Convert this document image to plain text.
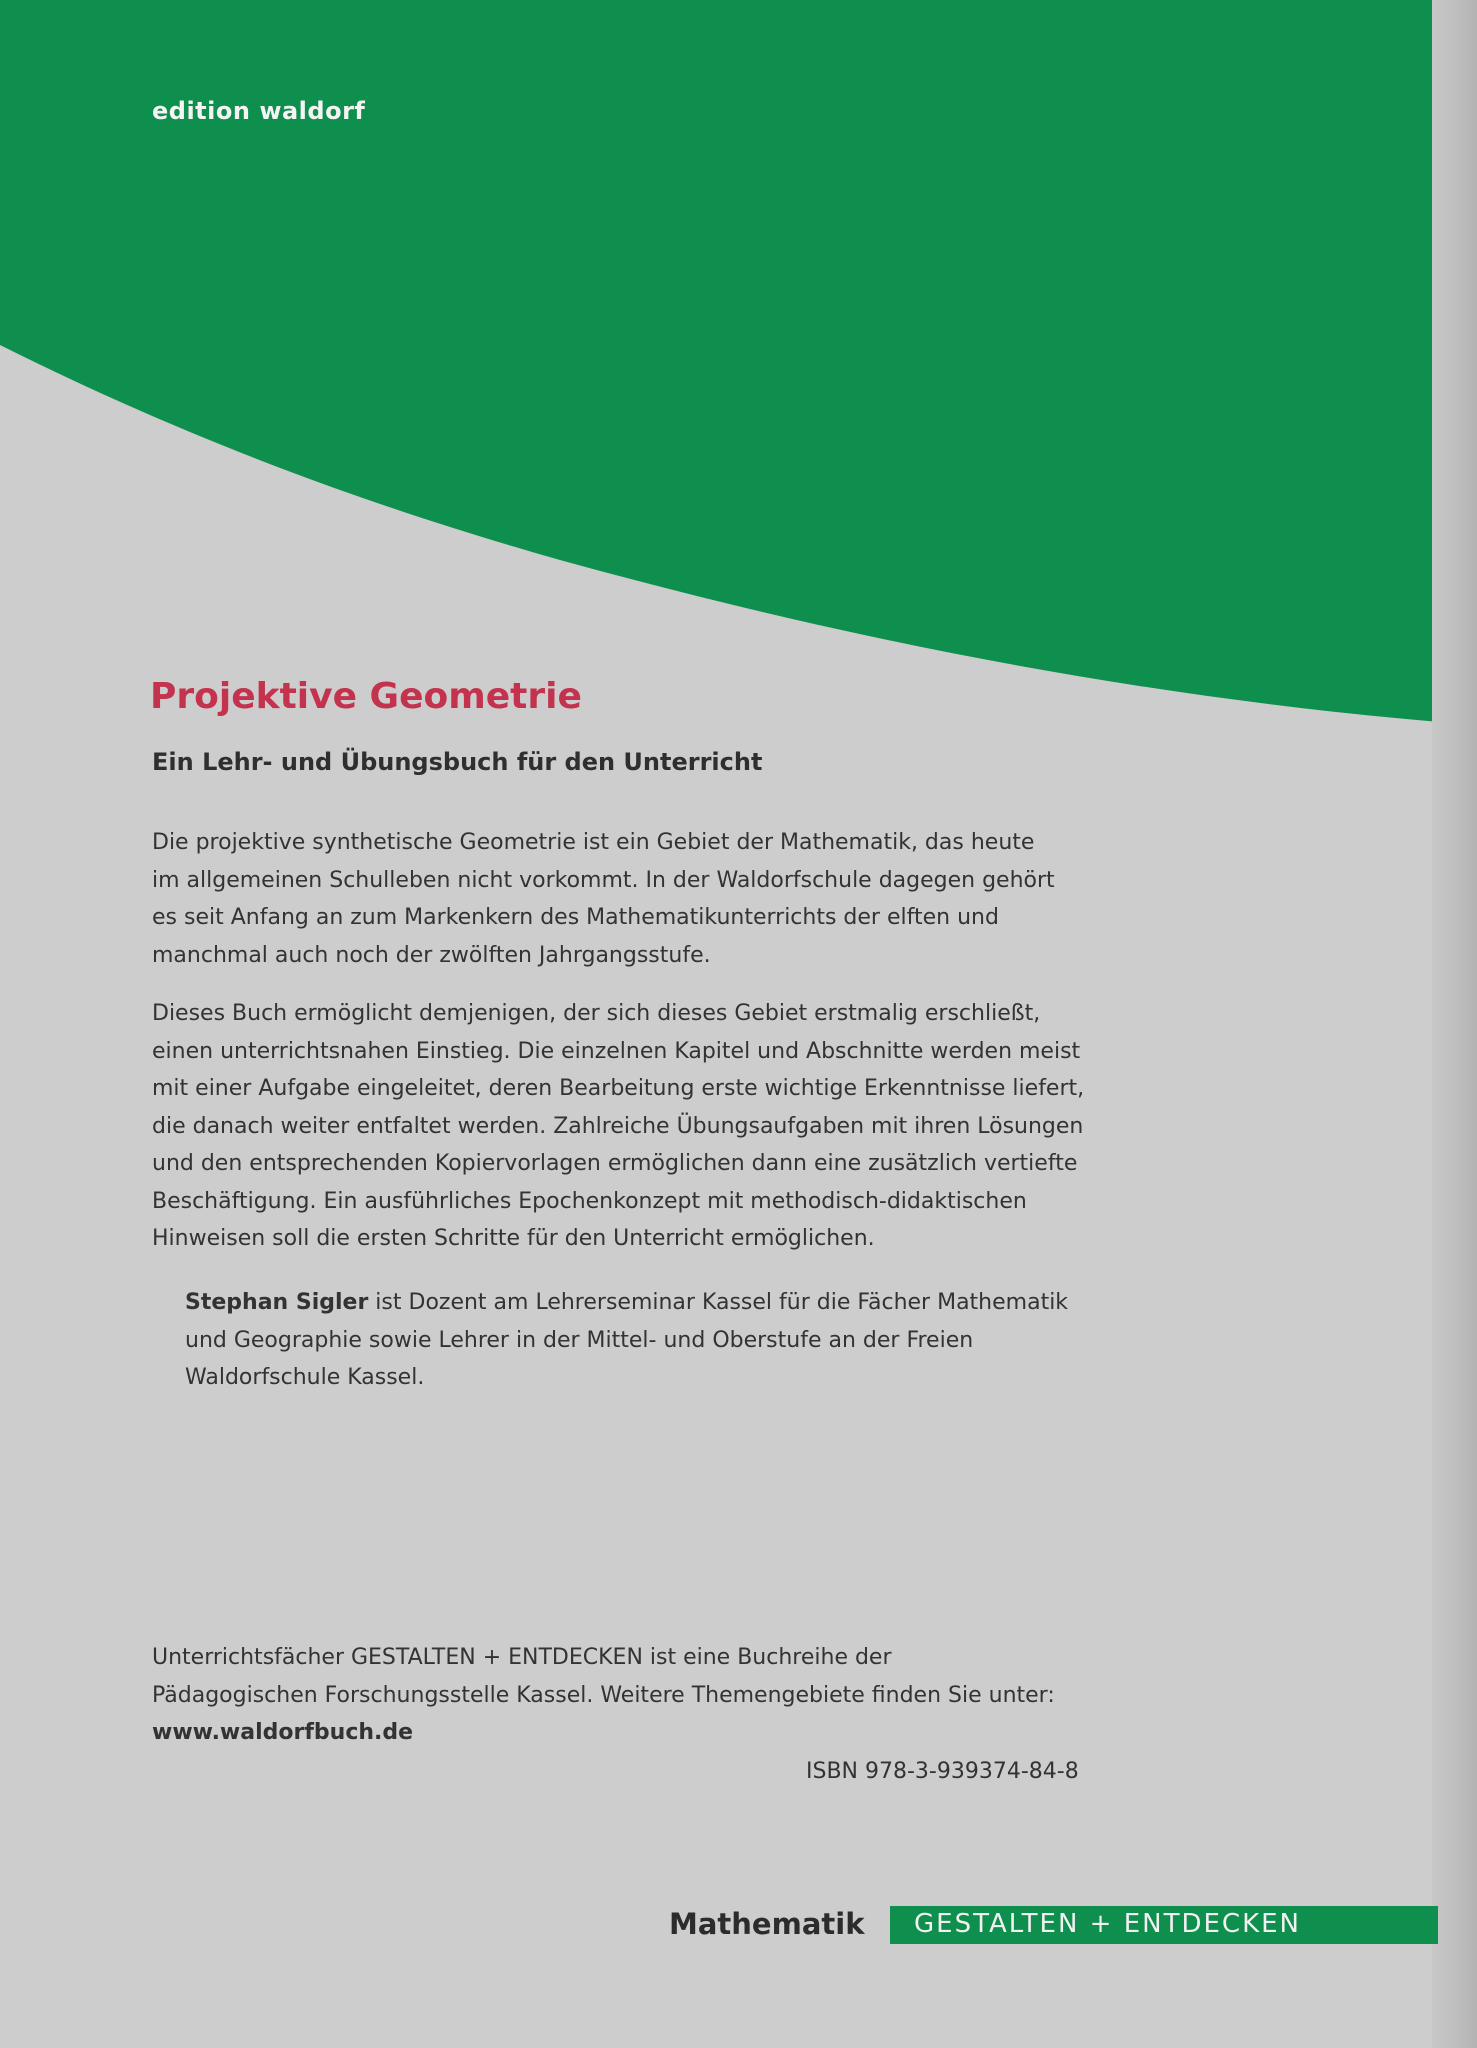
edition waldorf
Projektive Geometrie
Ein Lehr- und Übungsbuch für den Unterricht

Die projektive synthetische Geometrie ist ein Gebiet der Mathematik, das heute
im allgemeinen Schulleben nicht vorkommt. In der Waldorfschule dagegen gehört
es seit Anfang an zum Markenkern des Mathematikunterrichts der elften und
manchmal auch noch der zwölften Jahrgangsstufe.

Dieses Buch ermöglicht demjenigen, der sich dieses Gebiet erstmalig erschließt,
einen unterrichtsnahen Einstieg. Die einzelnen Kapitel und Abschnitte werden meist
mit einer Aufgabe eingeleitet, deren Bearbeitung erste wichtige Erkenntnisse liefert,
die danach weiter entfaltet werden. Zahlreiche Übungsaufgaben mit ihren Lösungen
und den entsprechenden Kopiervorlagen ermöglichen dann eine zusätzlich vertiefte
Beschäftigung. Ein ausführliches Epochenkonzept mit methodisch-didaktischen
Hinweisen soll die ersten Schritte für den Unterricht ermöglichen.

Stephan Sigler ist Dozent am Lehrerseminar Kassel für die Fächer Mathematik
und Geographie sowie Lehrer in der Mittel- und Oberstufe an der Freien
Waldorfschule Kassel.

Unterrichtsfächer GESTALTEN + ENTDECKEN ist eine Buchreihe der
Pädagogischen Forschungsstelle Kassel. Weitere Themengebiete finden Sie unter:
www.waldorfbuch.de

ISBN 978-3-939374-84-8
Mathematik GESTALTEN + ENTDECKEN
